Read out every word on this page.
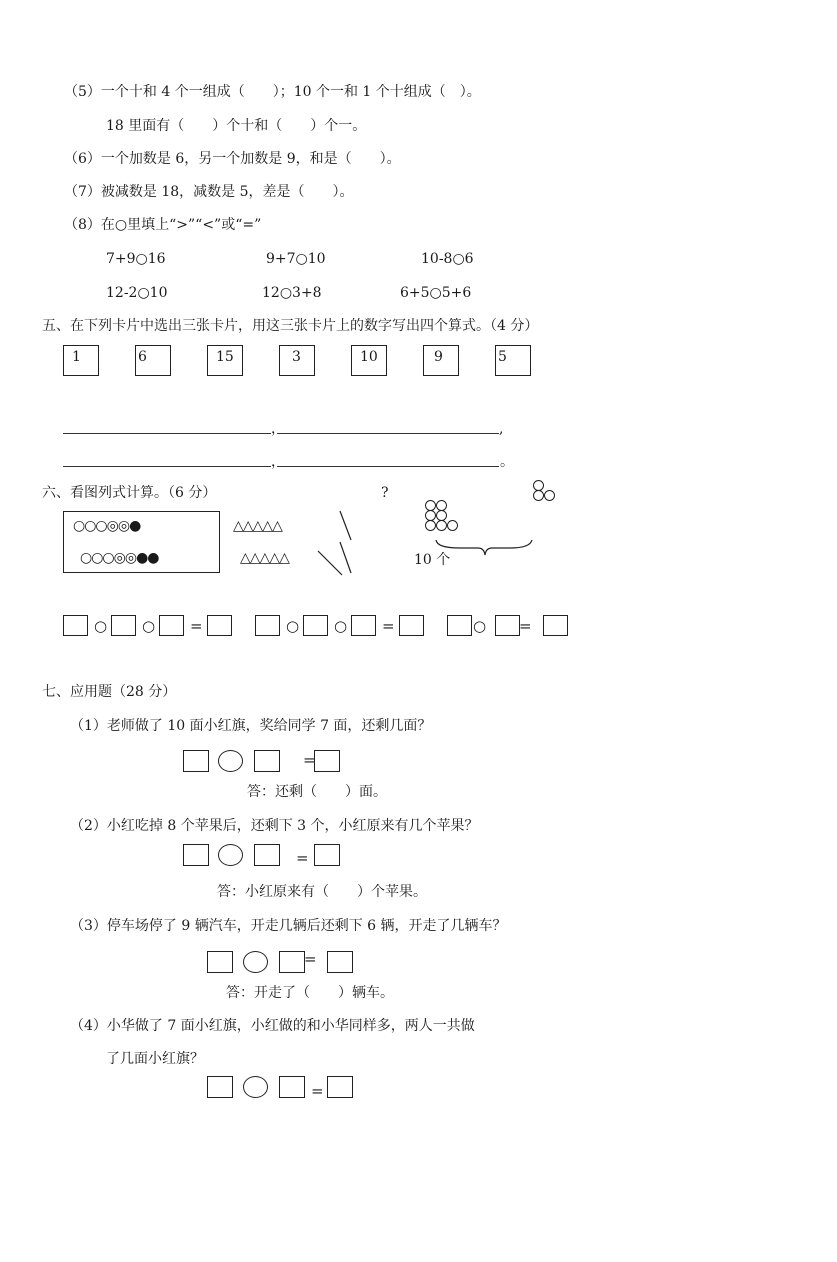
（5）一个十和 4 个一组成（　　）；10 个一和 1 个十组成（　）。
18 里面有（　　）个十和（　　）个一。
（6）一个加数是 6，另一个加数是 9，和是（　　）。
（7）被减数是 18，减数是 5，差是（　　）。
（8）在○里填上“>”“<”或“=”
7+9○16	9+7○10	10-8○6
12-2○10	12○3+8	6+5○5+6
五、在下列卡片中选出三张卡片，用这三张卡片上的数字写出四个算式。（4 分）
1	6	15	3	10	9	5
，	,
，	。
六、看图列式计算。（6 分）
○○○◎◎●
○○○◎◎●●
△△△△△
△△△△△
?
10 个
○ ○ =	○ ○ =	○ =
七、应用题（28 分）
（1）老师做了 10 面小红旗，奖给同学 7 面，还剩几面？
=
答：还剩（　　）面。
（2）小红吃掉 8 个苹果后，还剩下 3 个，小红原来有几个苹果？
=
答：小红原来有（　　）个苹果。
（3）停车场停了 9 辆汽车，开走几辆后还剩下 6 辆，开走了几辆车？
=
答：开走了（　　）辆车。
（4）小华做了 7 面小红旗，小红做的和小华同样多，两人一共做
了几面小红旗？
=
